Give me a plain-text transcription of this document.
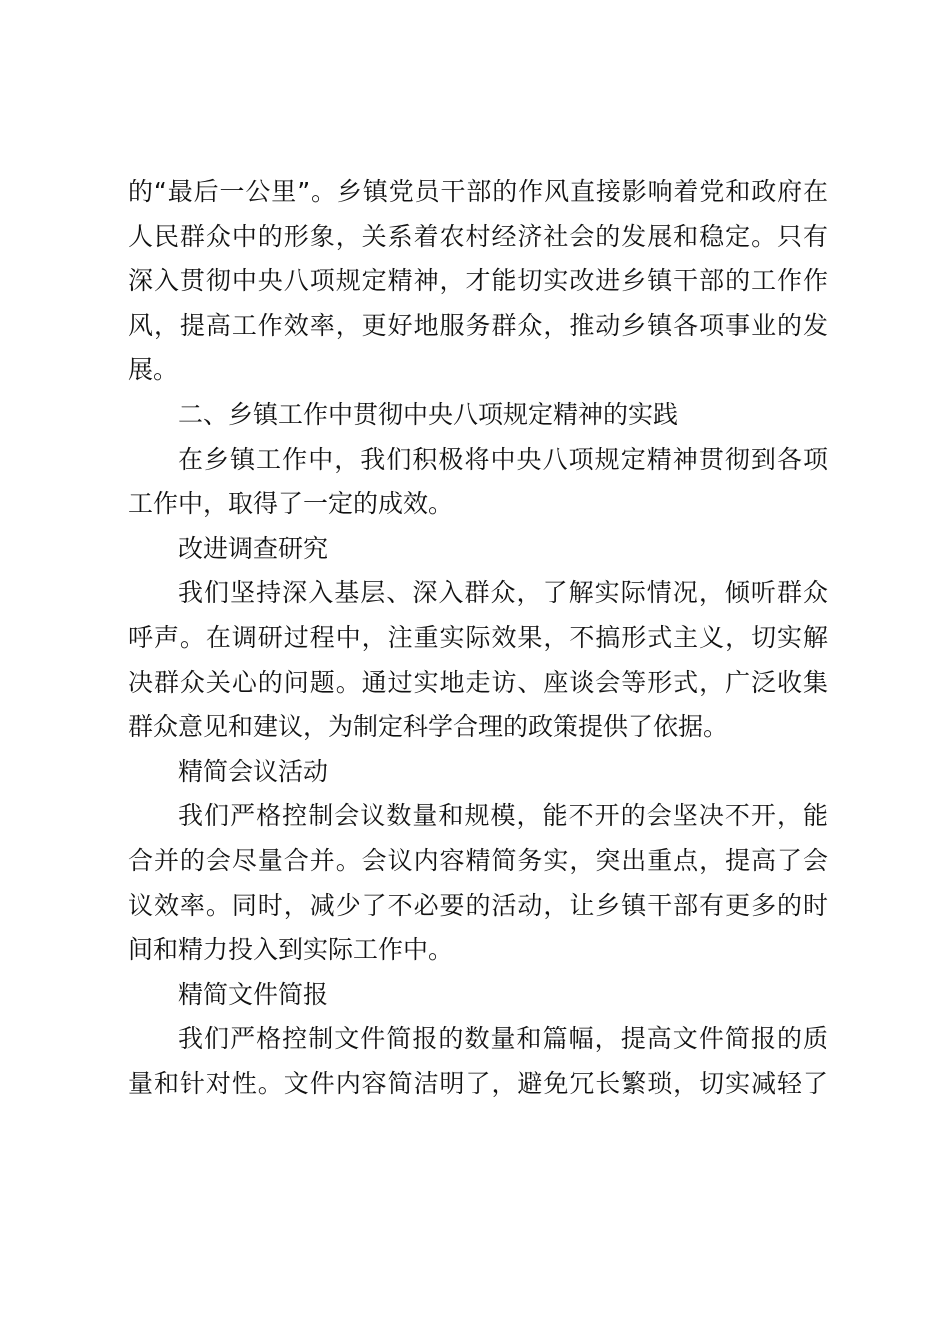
的“最后一公里”。乡镇党员干部的作风直接影响着党和政府在
人民群众中的形象，关系着农村经济社会的发展和稳定。只有
深入贯彻中央八项规定精神，才能切实改进乡镇干部的工作作
风，提高工作效率，更好地服务群众，推动乡镇各项事业的发
展。
二、乡镇工作中贯彻中央八项规定精神的实践
在乡镇工作中，我们积极将中央八项规定精神贯彻到各项
工作中，取得了一定的成效。
改进调查研究
我们坚持深入基层、深入群众，了解实际情况，倾听群众
呼声。在调研过程中，注重实际效果，不搞形式主义，切实解
决群众关心的问题。通过实地走访、座谈会等形式，广泛收集
群众意见和建议，为制定科学合理的政策提供了依据。
精简会议活动
我们严格控制会议数量和规模，能不开的会坚决不开，能
合并的会尽量合并。会议内容精简务实，突出重点，提高了会
议效率。同时，减少了不必要的活动，让乡镇干部有更多的时
间和精力投入到实际工作中。
精简文件简报
我们严格控制文件简报的数量和篇幅，提高文件简报的质
量和针对性。文件内容简洁明了，避免冗长繁琐，切实减轻了
